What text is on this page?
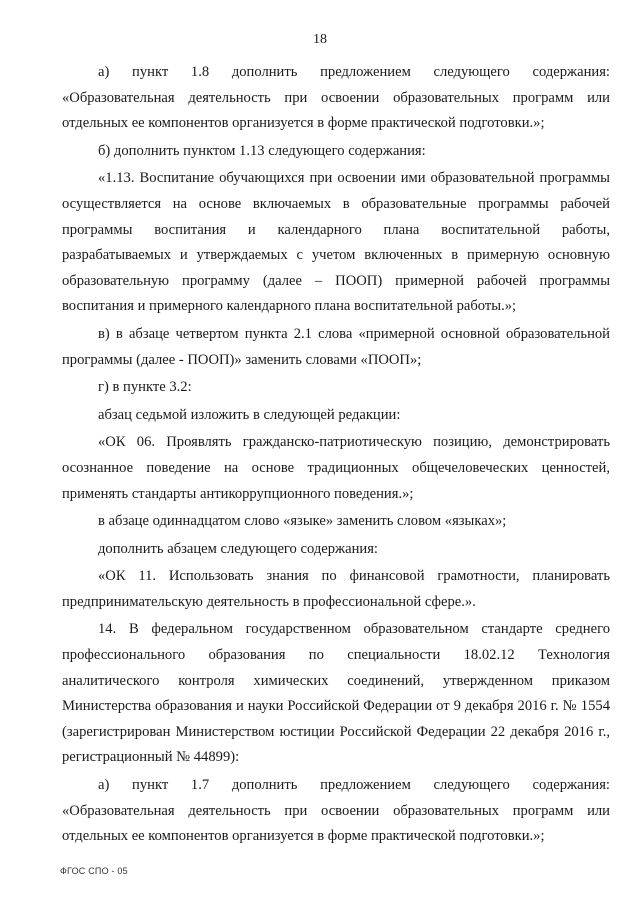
18

а) пункт 1.8 дополнить предложением следующего содержания: «Образовательная деятельность при освоении образовательных программ или отдельных ее компонентов организуется в форме практической подготовки.»;

б) дополнить пунктом 1.13 следующего содержания:

«1.13. Воспитание обучающихся при освоении ими образовательной программы осуществляется на основе включаемых в образовательные программы рабочей программы воспитания и календарного плана воспитательной работы, разрабатываемых и утверждаемых с учетом включенных в примерную основную образовательную программу (далее – ПООП) примерной рабочей программы воспитания и примерного календарного плана воспитательной работы.»;

в) в абзаце четвертом пункта 2.1 слова «примерной основной образовательной программы (далее - ПООП)» заменить словами «ПООП»;

г) в пункте 3.2:

абзац седьмой изложить в следующей редакции:

«ОК 06. Проявлять гражданско-патриотическую позицию, демонстрировать осознанное поведение на основе традиционных общечеловеческих ценностей, применять стандарты антикоррупционного поведения.»;

в абзаце одиннадцатом слово «языке» заменить словом «языках»;

дополнить абзацем следующего содержания:

«ОК 11. Использовать знания по финансовой грамотности, планировать предпринимательскую деятельность в профессиональной сфере.».

14. В федеральном государственном образовательном стандарте среднего профессионального образования по специальности 18.02.12 Технология аналитического контроля химических соединений, утвержденном приказом Министерства образования и науки Российской Федерации от 9 декабря 2016 г. № 1554 (зарегистрирован Министерством юстиции Российской Федерации 22 декабря 2016 г., регистрационный № 44899):

а) пункт 1.7 дополнить предложением следующего содержания: «Образовательная деятельность при освоении образовательных программ или отдельных ее компонентов организуется в форме практической подготовки.»;

ФГОС СПО - 05
